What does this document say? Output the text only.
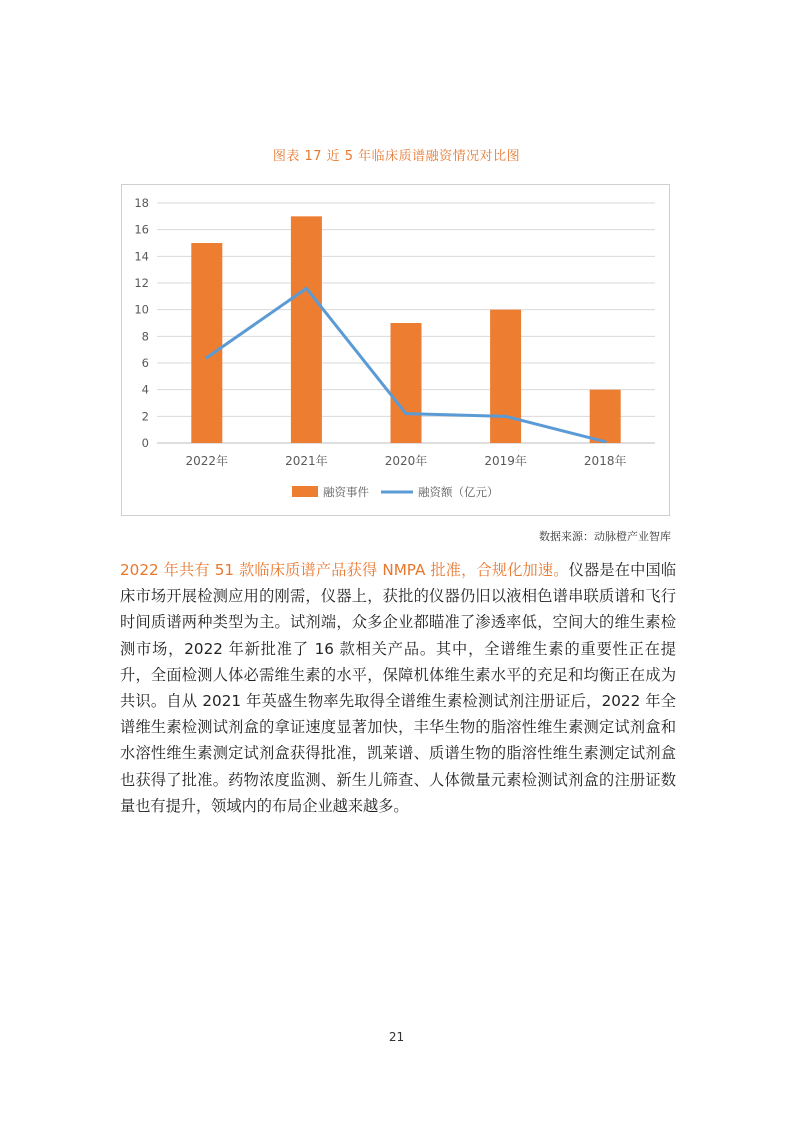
图表 17 近 5 年临床质谱融资情况对比图
0
2
4
6
8
10
12
14
16
18
2022年	2021年	2020年	2019年	2018年
融资事件	融资额（亿元）
数据来源：动脉橙产业智库
2022 年共有 51 款临床质谱产品获得 NMPA 批准，合规化加速。仪器是在中国临床市场开展检测应用的刚需，仪器上，获批的仪器仍旧以液相色谱串联质谱和飞行时间质谱两种类型为主。试剂端，众多企业都瞄准了渗透率低，空间大的维生素检测市场，2022 年新批准了 16 款相关产品。其中，全谱维生素的重要性正在提升，全面检测人体必需维生素的水平，保障机体维生素水平的充足和均衡正在成为共识。自从 2021 年英盛生物率先取得全谱维生素检测试剂注册证后，2022 年全谱维生素检测试剂盒的拿证速度显著加快，丰华生物的脂溶性维生素测定试剂盒和水溶性维生素测定试剂盒获得批准，凯莱谱、质谱生物的脂溶性维生素测定试剂盒也获得了批准。药物浓度监测、新生儿筛查、人体微量元素检测试剂盒的注册证数量也有提升，领域内的布局企业越来越多。
21
